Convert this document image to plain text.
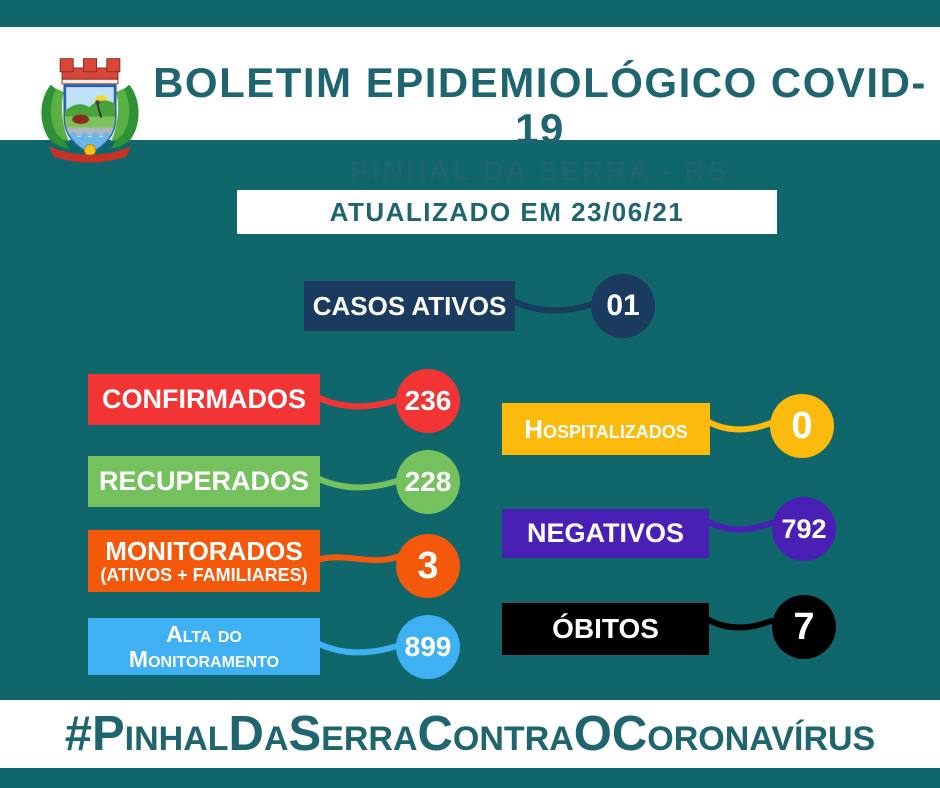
BOLETIM EPIDEMIOLÓGICO COVID-19
PINHAL DA SERRA - RS
ATUALIZADO EM 23/06/21
CASOS ATIVOS	01
CONFIRMADOS	236
RECUPERADOS	228
MONITORADOS
(ATIVOS + FAMILIARES)	3
Alta do
Monitoramento	899
Hospitalizados	0
NEGATIVOS	792
ÓBITOS	7
#PinhalDaSerraContraOCoronavírus
